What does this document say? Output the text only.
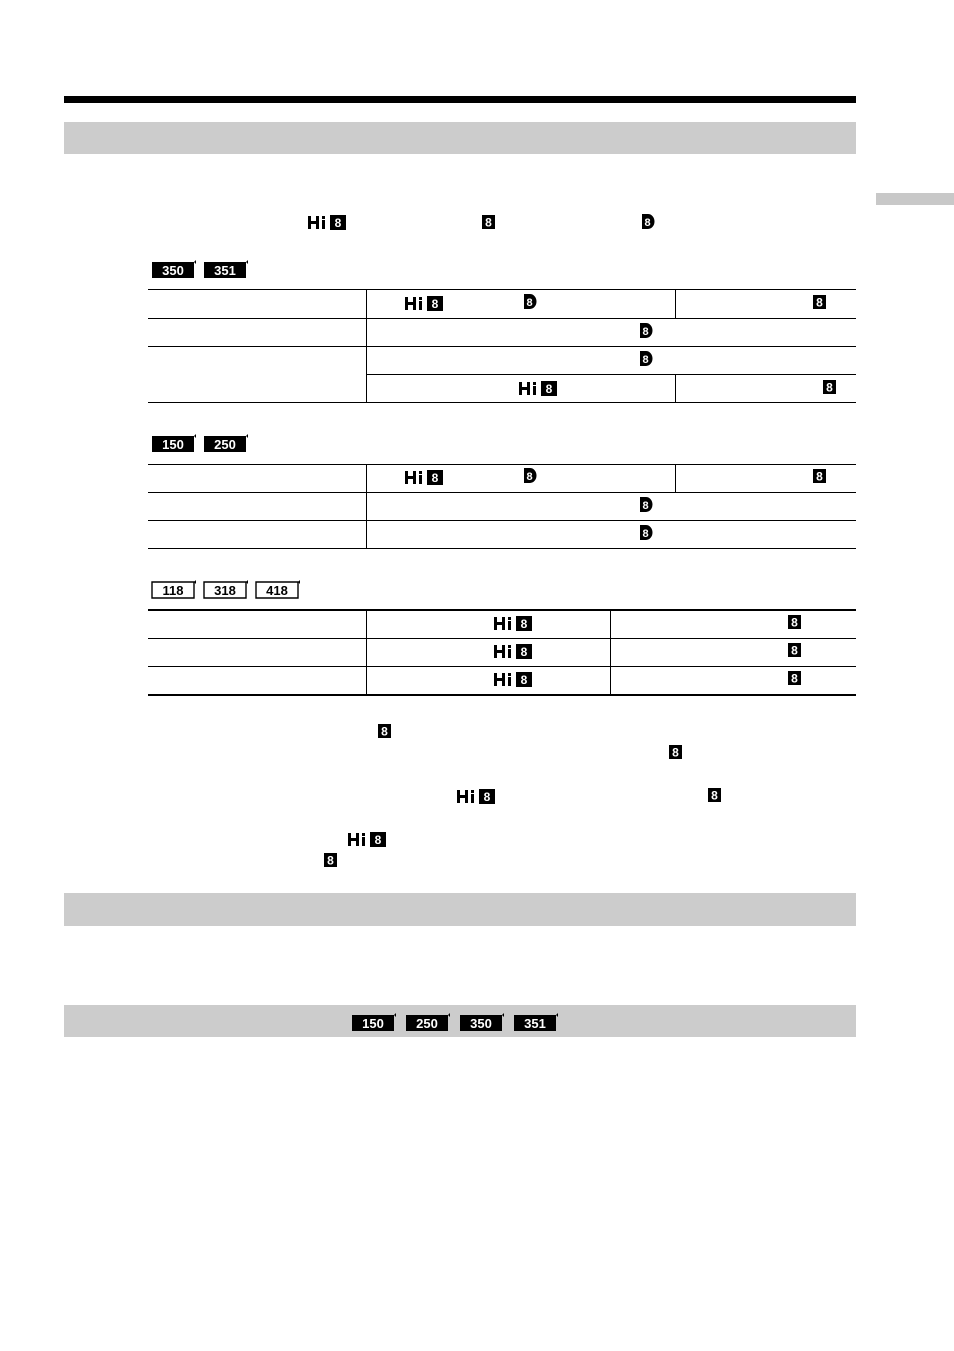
350 351
150 250
118 318 418
150 250 350 351
